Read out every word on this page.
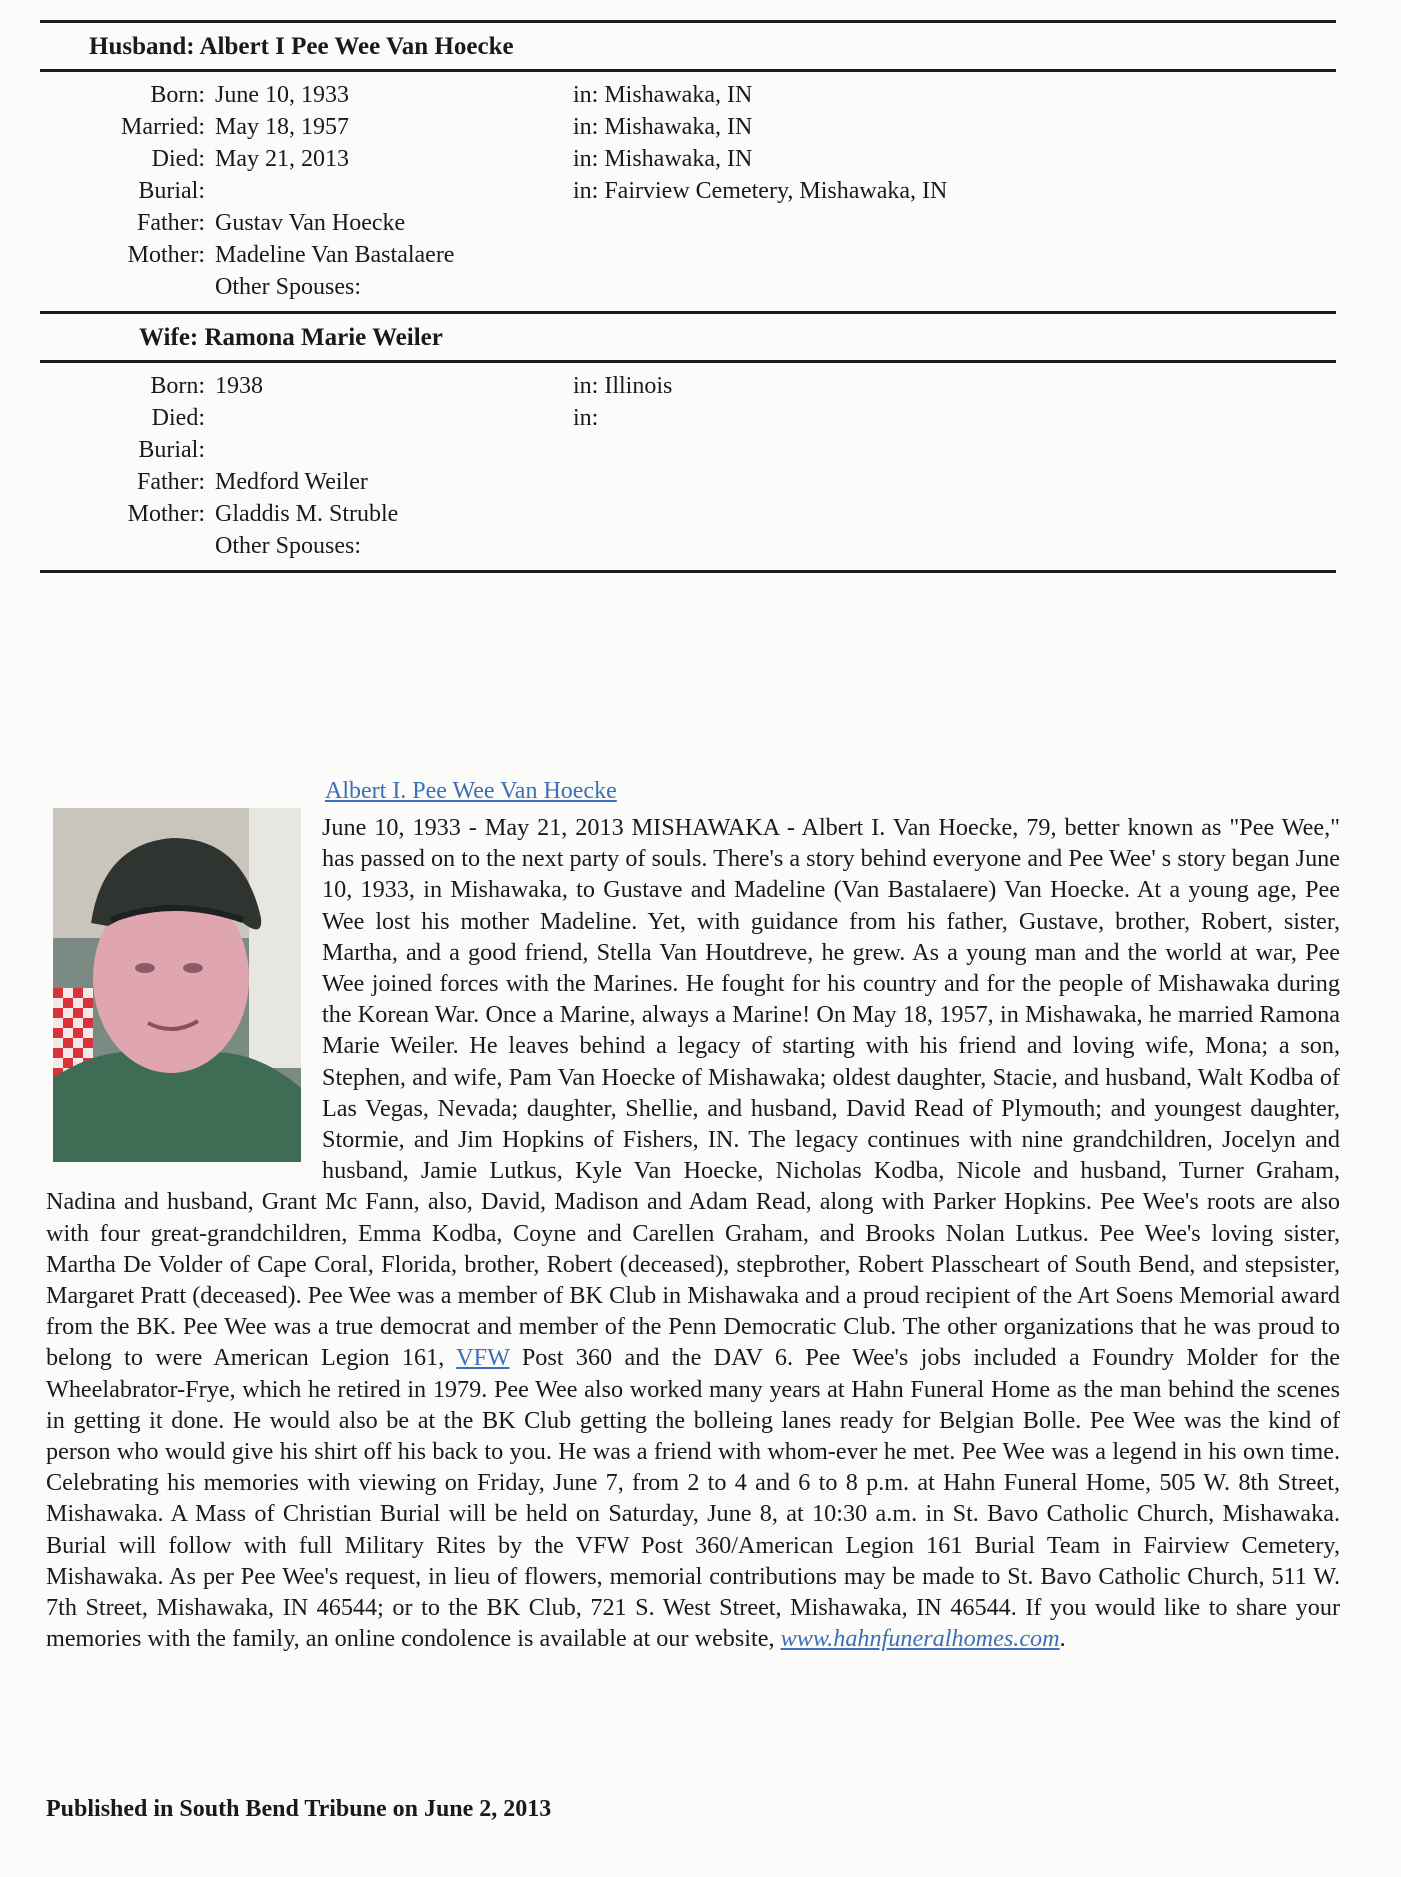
Husband: Albert I Pee Wee Van Hoecke
Born: June 10, 1933	in: Mishawaka, IN
Married: May 18, 1957	in: Mishawaka, IN
Died: May 21, 2013	in: Mishawaka, IN
Burial:	in: Fairview Cemetery, Mishawaka, IN
Father: Gustav Van Hoecke
Mother: Madeline Van Bastalaere
Other Spouses:
Wife: Ramona Marie Weiler
Born: 1938	in: Illinois
Died:	in:
Burial:
Father: Medford Weiler
Mother: Gladdis M. Struble
Other Spouses:
Albert I. Pee Wee Van Hoecke
June 10, 1933 - May 21, 2013 MISHAWAKA - Albert I. Van Hoecke, 79, better known as "Pee Wee," has passed on to the next party of souls. There's a story behind everyone and Pee Wee' s story began June 10, 1933, in Mishawaka, to Gustave and Madeline (Van Bastalaere) Van Hoecke. At a young age, Pee Wee lost his mother Madeline. Yet, with guidance from his father, Gustave, brother, Robert, sister, Martha, and a good friend, Stella Van Houtdreve, he grew. As a young man and the world at war, Pee Wee joined forces with the Marines. He fought for his country and for the people of Mishawaka during the Korean War. Once a Marine, always a Marine! On May 18, 1957, in Mishawaka, he married Ramona Marie Weiler. He leaves behind a legacy of starting with his friend and loving wife, Mona; a son, Stephen, and wife, Pam Van Hoecke of Mishawaka; oldest daughter, Stacie, and husband, Walt Kodba of Las Vegas, Nevada; daughter, Shellie, and husband, David Read of Plymouth; and youngest daughter, Stormie, and Jim Hopkins of Fishers, IN. The legacy continues with nine grandchildren, Jocelyn and husband, Jamie Lutkus, Kyle Van Hoecke, Nicholas Kodba, Nicole and husband, Turner Graham, Nadina and husband, Grant Mc Fann, also, David, Madison and Adam Read, along with Parker Hopkins. Pee Wee's roots are also with four great-grandchildren, Emma Kodba, Coyne and Carellen Graham, and Brooks Nolan Lutkus. Pee Wee's loving sister, Martha De Volder of Cape Coral, Florida, brother, Robert (deceased), stepbrother, Robert Plasscheart of South Bend, and stepsister, Margaret Pratt (deceased). Pee Wee was a member of BK Club in Mishawaka and a proud recipient of the Art Soens Memorial award from the BK. Pee Wee was a true democrat and member of the Penn Democratic Club. The other organizations that he was proud to belong to were American Legion 161, VFW Post 360 and the DAV 6. Pee Wee's jobs included a Foundry Molder for the Wheelabrator-Frye, which he retired in 1979. Pee Wee also worked many years at Hahn Funeral Home as the man behind the scenes in getting it done. He would also be at the BK Club getting the bolleing lanes ready for Belgian Bolle. Pee Wee was the kind of person who would give his shirt off his back to you. He was a friend with whom-ever he met. Pee Wee was a legend in his own time. Celebrating his memories with viewing on Friday, June 7, from 2 to 4 and 6 to 8 p.m. at Hahn Funeral Home, 505 W. 8th Street, Mishawaka. A Mass of Christian Burial will be held on Saturday, June 8, at 10:30 a.m. in St. Bavo Catholic Church, Mishawaka. Burial will follow with full Military Rites by the VFW Post 360/American Legion 161 Burial Team in Fairview Cemetery, Mishawaka. As per Pee Wee's request, in lieu of flowers, memorial contributions may be made to St. Bavo Catholic Church, 511 W. 7th Street, Mishawaka, IN 46544; or to the BK Club, 721 S. West Street, Mishawaka, IN 46544. If you would like to share your memories with the family, an online condolence is available at our website, www.hahnfuneralhomes.com.
Published in South Bend Tribune on June 2, 2013
